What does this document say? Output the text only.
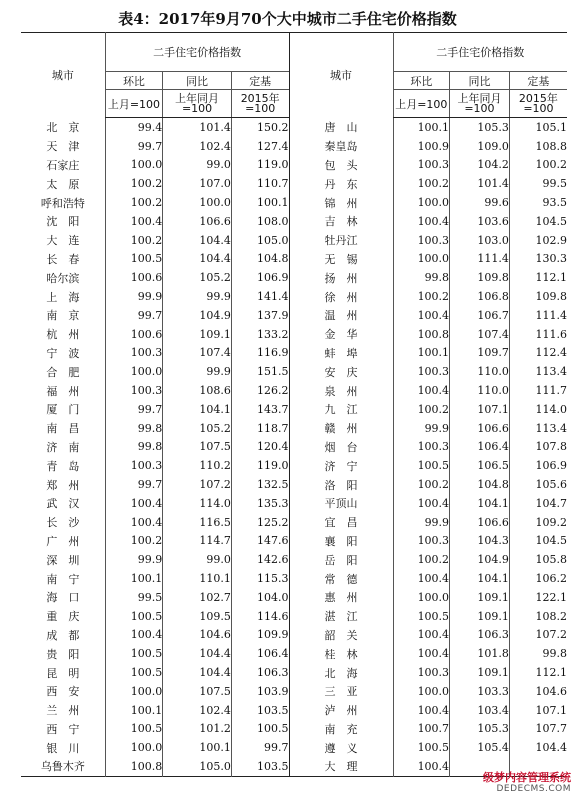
表4：2017年9月70个大中城市二手住宅价格指数
城市	二手住宅价格指数			城市	二手住宅价格指数		
	环比	同比	定基		环比	同比	定基
	上月=100	上年同月=100	2015年=100		上月=100	上年同月=100	2015年=100
北　京	99.4	101.4	150.2	唐　山	100.1	105.3	105.1
天　津	99.7	102.4	127.4	秦皇岛	100.9	109.0	108.8
石家庄	100.0	99.0	119.0	包　头	100.3	104.2	100.2
太　原	100.2	107.0	110.7	丹　东	100.2	101.4	99.5
呼和浩特	100.2	100.0	100.1	锦　州	100.0	99.6	93.5
沈　阳	100.4	106.6	108.0	吉　林	100.4	103.6	104.5
大　连	100.2	104.4	105.0	牡丹江	100.3	103.0	102.9
长　春	100.5	104.4	104.8	无　锡	100.0	111.4	130.3
哈尔滨	100.6	105.2	106.9	扬　州	99.8	109.8	112.1
上　海	99.9	99.9	141.4	徐　州	100.2	106.8	109.8
南　京	99.7	104.9	137.9	温　州	100.4	106.7	111.4
杭　州	100.6	109.1	133.2	金　华	100.8	107.4	111.6
宁　波	100.3	107.4	116.9	蚌　埠	100.1	109.7	112.4
合　肥	100.0	99.9	151.5	安　庆	100.3	110.0	113.4
福　州	100.3	108.6	126.2	泉　州	100.4	110.0	111.7
厦　门	99.7	104.1	143.7	九　江	100.2	107.1	114.0
南　昌	99.8	105.2	118.7	赣　州	99.9	106.6	113.4
济　南	99.8	107.5	120.4	烟　台	100.3	106.4	107.8
青　岛	100.3	110.2	119.0	济　宁	100.5	106.5	106.9
郑　州	99.7	107.2	132.5	洛　阳	100.2	104.8	105.6
武　汉	100.4	114.0	135.3	平顶山	100.4	104.1	104.7
长　沙	100.4	116.5	125.2	宜　昌	99.9	106.6	109.2
广　州	100.2	114.7	147.6	襄　阳	100.3	104.3	104.5
深　圳	99.9	99.0	142.6	岳　阳	100.2	104.9	105.8
南　宁	100.1	110.1	115.3	常　德	100.4	104.1	106.2
海　口	99.5	102.7	104.0	惠　州	100.0	109.1	122.1
重　庆	100.5	109.5	114.6	湛　江	100.5	109.1	108.2
成　都	100.4	104.6	109.9	韶　关	100.4	106.3	107.2
贵　阳	100.5	104.4	106.4	桂　林	100.4	101.8	99.8
昆　明	100.5	104.4	106.3	北　海	100.3	109.1	112.1
西　安	100.0	107.5	103.9	三　亚	100.0	103.3	104.6
兰　州	100.1	102.4	103.5	泸　州	100.4	103.4	107.1
西　宁	100.5	101.2	100.5	南　充	100.7	105.3	107.7
银　川	100.0	100.1	99.7	遵　义	100.5	105.4	104.4
乌鲁木齐	100.8	105.0	103.5	大　理	100.4		
级梦内容管理系统
DEDECMS.COM
